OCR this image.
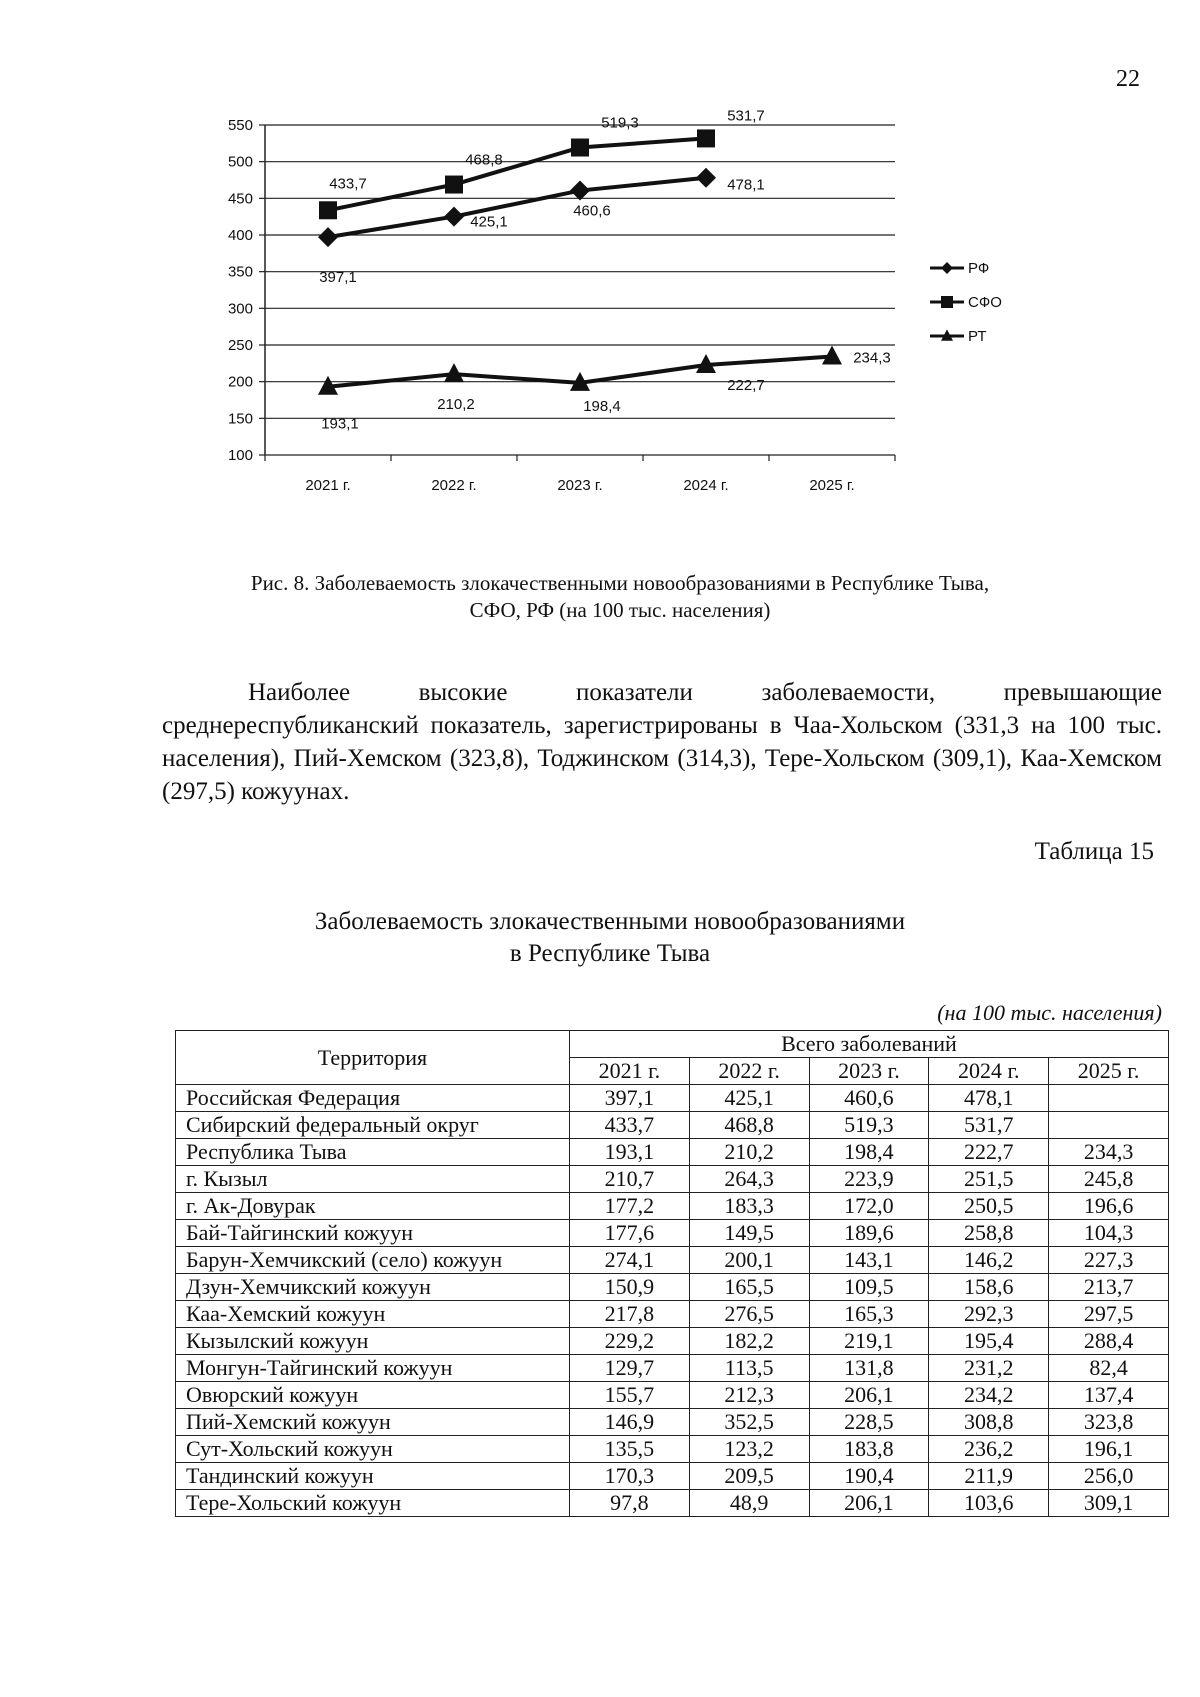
22
550
500
450
400
350
300
250
200
150
100
2021 г.	2022 г.	2023 г.	2024 г.	2025 г.
397,1
425,1
460,6
478,1
433,7
468,8
519,3	531,7
193,1
210,2	198,4
222,7
234,3
РФ
СФО
РТ
Рис. 8. Заболеваемость злокачественными новообразованиями в Республике Тыва,
СФО, РФ (на 100 тыс. населения)
Наиболее высокие показатели заболеваемости, превышающие среднереспубликанский показатель, зарегистрированы в Чаа-Хольском (331,3 на 100 тыс. населения), Пий-Хемском (323,8), Тоджинском (314,3), Тере-Хольском (309,1), Каа-Хемском (297,5) кожуунах.
Таблица 15
Заболеваемость злокачественными новообразованиями
в Республике Тыва
(на 100 тыс. населения)
Территория	Всего заболеваний				
	2021 г.	2022 г.	2023 г.	2024 г.	2025 г.
Российская Федерация	397,1	425,1	460,6	478,1	
Сибирский федеральный округ	433,7	468,8	519,3	531,7	
Республика Тыва	193,1	210,2	198,4	222,7	234,3
г. Кызыл	210,7	264,3	223,9	251,5	245,8
г. Ак-Довурак	177,2	183,3	172,0	250,5	196,6
Бай-Тайгинский кожуун	177,6	149,5	189,6	258,8	104,3
Барун-Хемчикский (село) кожуун	274,1	200,1	143,1	146,2	227,3
Дзун-Хемчикский кожуун	150,9	165,5	109,5	158,6	213,7
Каа-Хемский кожуун	217,8	276,5	165,3	292,3	297,5
Кызылский кожуун	229,2	182,2	219,1	195,4	288,4
Монгун-Тайгинский кожуун	129,7	113,5	131,8	231,2	82,4
Овюрский кожуун	155,7	212,3	206,1	234,2	137,4
Пий-Хемский кожуун	146,9	352,5	228,5	308,8	323,8
Сут-Хольский кожуун	135,5	123,2	183,8	236,2	196,1
Тандинский кожуун	170,3	209,5	190,4	211,9	256,0
Тере-Хольский кожуун	97,8	48,9	206,1	103,6	309,1
